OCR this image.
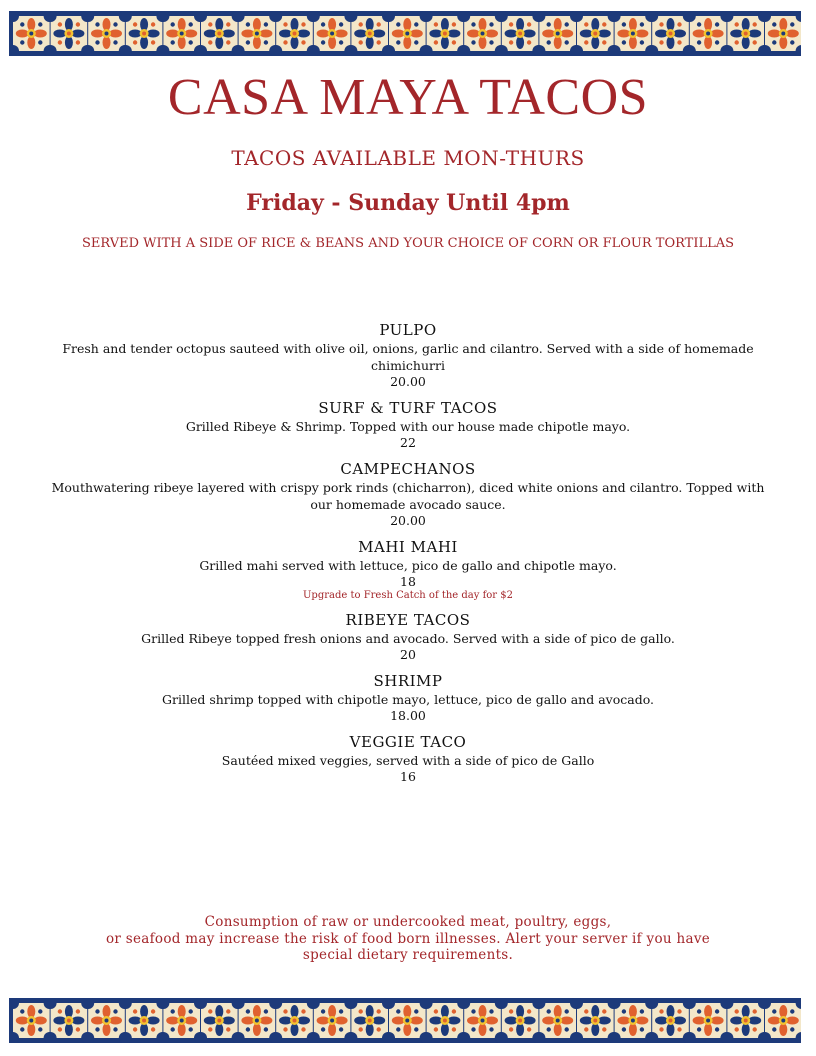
CASA MAYA TACOS
TACOS AVAILABLE MON-THURS
Friday - Sunday Until 4pm

SERVED WITH A SIDE OF RICE & BEANS AND YOUR CHOICE OF CORN OR FLOUR TORTILLAS

PULPO

Fresh and tender octopus sauteed with olive oil, onions, garlic and cilantro. Served with a side of homemade chimichurri

20.00

SURF & TURF TACOS

Grilled Ribeye & Shrimp. Topped with our house made chipotle mayo.

22

CAMPECHANOS

Mouthwatering ribeye layered with crispy pork rinds (chicharron), diced white onions and cilantro. Topped with our homemade avocado sauce.

20.00

MAHI MAHI

Grilled mahi served with lettuce, pico de gallo and chipotle mayo.

18

Upgrade to Fresh Catch of the day for $2

RIBEYE TACOS

Grilled Ribeye topped fresh onions and avocado. Served with a side of pico de gallo.

20

SHRIMP

Grilled shrimp topped with chipotle mayo, lettuce, pico de gallo and avocado.

18.00

VEGGIE TACO

Sautéed mixed veggies, served with a side of pico de Gallo

16

Consumption of raw or undercooked meat, poultry, eggs,
or seafood may increase the risk of food born illnesses. Alert your server if you have
special dietary requirements.
